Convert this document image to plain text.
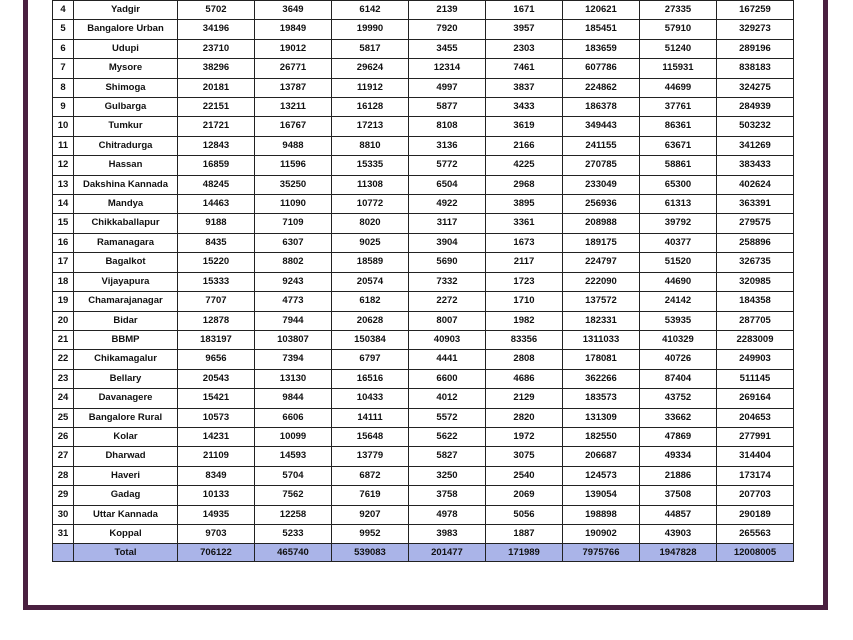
4	Yadgir	5702	3649	6142	2139	1671	120621	27335	167259
5	Bangalore Urban	34196	19849	19990	7920	3957	185451	57910	329273
6	Udupi	23710	19012	5817	3455	2303	183659	51240	289196
7	Mysore	38296	26771	29624	12314	7461	607786	115931	838183
8	Shimoga	20181	13787	11912	4997	3837	224862	44699	324275
9	Gulbarga	22151	13211	16128	5877	3433	186378	37761	284939
10	Tumkur	21721	16767	17213	8108	3619	349443	86361	503232
11	Chitradurga	12843	9488	8810	3136	2166	241155	63671	341269
12	Hassan	16859	11596	15335	5772	4225	270785	58861	383433
13	Dakshina Kannada	48245	35250	11308	6504	2968	233049	65300	402624
14	Mandya	14463	11090	10772	4922	3895	256936	61313	363391
15	Chikkaballapur	9188	7109	8020	3117	3361	208988	39792	279575
16	Ramanagara	8435	6307	9025	3904	1673	189175	40377	258896
17	Bagalkot	15220	8802	18589	5690	2117	224797	51520	326735
18	Vijayapura	15333	9243	20574	7332	1723	222090	44690	320985
19	Chamarajanagar	7707	4773	6182	2272	1710	137572	24142	184358
20	Bidar	12878	7944	20628	8007	1982	182331	53935	287705
21	BBMP	183197	103807	150384	40903	83356	1311033	410329	2283009
22	Chikamagalur	9656	7394	6797	4441	2808	178081	40726	249903
23	Bellary	20543	13130	16516	6600	4686	362266	87404	511145
24	Davanagere	15421	9844	10433	4012	2129	183573	43752	269164
25	Bangalore Rural	10573	6606	14111	5572	2820	131309	33662	204653
26	Kolar	14231	10099	15648	5622	1972	182550	47869	277991
27	Dharwad	21109	14593	13779	5827	3075	206687	49334	314404
28	Haveri	8349	5704	6872	3250	2540	124573	21886	173174
29	Gadag	10133	7562	7619	3758	2069	139054	37508	207703
30	Uttar Kannada	14935	12258	9207	4978	5056	198898	44857	290189
31	Koppal	9703	5233	9952	3983	1887	190902	43903	265563
	Total	706122	465740	539083	201477	171989	7975766	1947828	12008005
